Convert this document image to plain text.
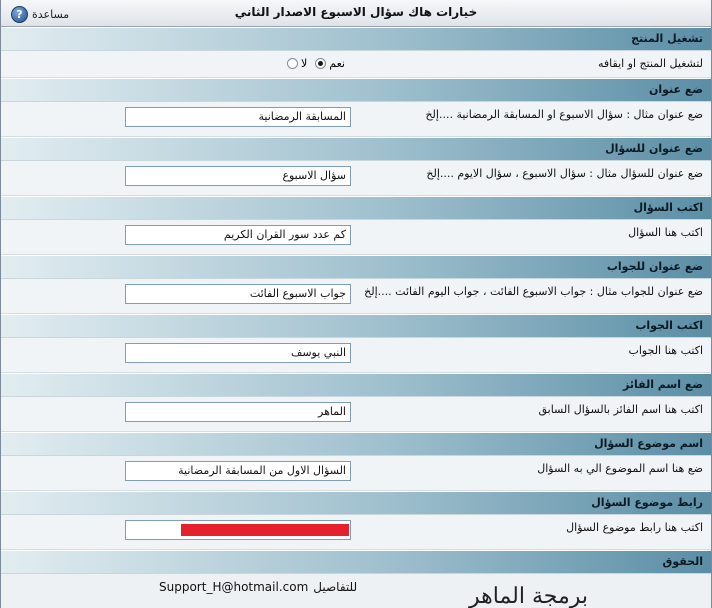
خيارات هاك سؤال الاسبوع الاصدار الثاني
? مساعدة
تشغيل المنتج
لتشغيل المنتج او ايقافه
لا نعم
ضع عنوان
ضع عنوان مثال : سؤال الاسبوع او المسابقة الرمضانية ....إلخ
المسابقة الرمضانية
ضع عنوان للسؤال
ضع عنوان للسؤال مثال : سؤال الاسبوع ، سؤال الايوم ....إلخ
سؤال الاسبوع
اكتب السؤال
اكتب هنا السؤال
كم عدد سور القران الكريم
ضع عنوان للجواب
ضع عنوان للجواب مثال : جواب الاسبوع الفائت ، جواب اليوم الفائت ....إلخ
جواب الاسبوع الفائت
اكتب الجواب
اكتب هنا الجواب
النبي يوسف
ضع اسم الفائز
اكتب هنا اسم الفائز بالسؤال السابق
الماهر
اسم موضوع السؤال
ضع هنا اسم الموضوع الي به السؤال
السؤال الاول من المسابقة الرمضانية
رابط موضوع السؤال
اكتب هنا رابط موضوع السؤال
الحقوق
برمجة الماهر
Support_H@hotmail.com للتفاصيل
